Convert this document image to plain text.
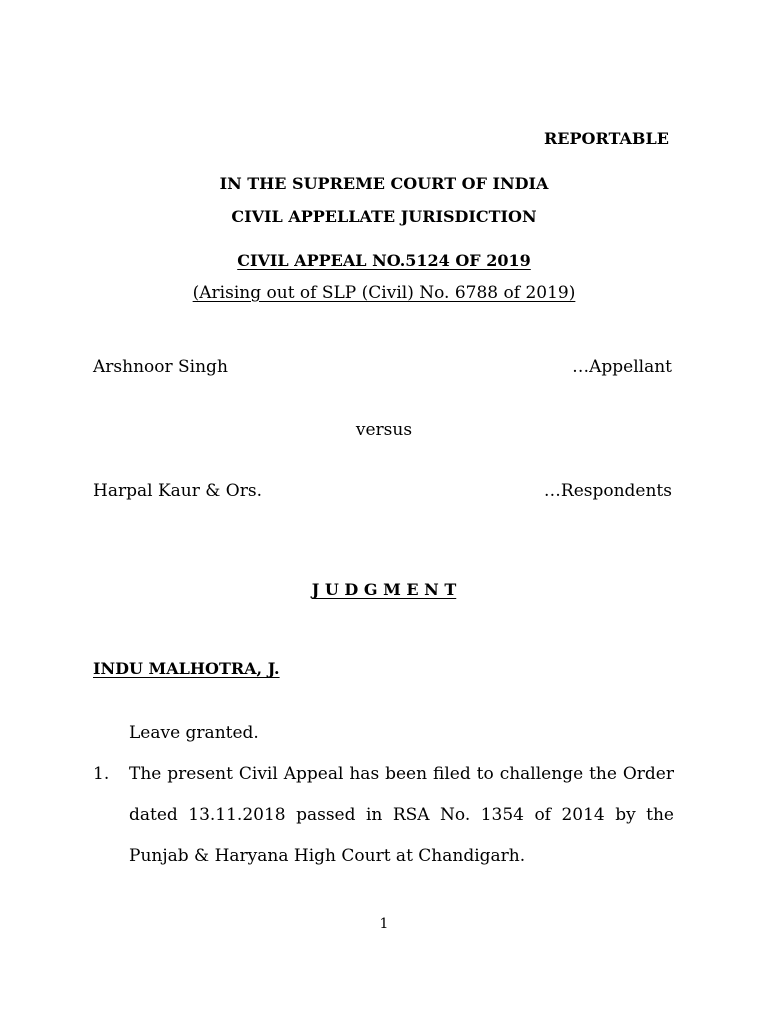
REPORTABLE
IN THE SUPREME COURT OF INDIA
CIVIL APPELLATE JURISDICTION
CIVIL APPEAL NO.5124 OF 2019
(Arising out of SLP (Civil) No. 6788 of 2019)
Arshnoor Singh	…Appellant
versus
Harpal Kaur & Ors.	…Respondents
J U D G M E N T
INDU MALHOTRA, J.
Leave granted.
1. The present Civil Appeal has been filed to challenge the Order
dated 13.11.2018 passed in RSA No. 1354 of 2014 by the
Punjab & Haryana High Court at Chandigarh.
1
